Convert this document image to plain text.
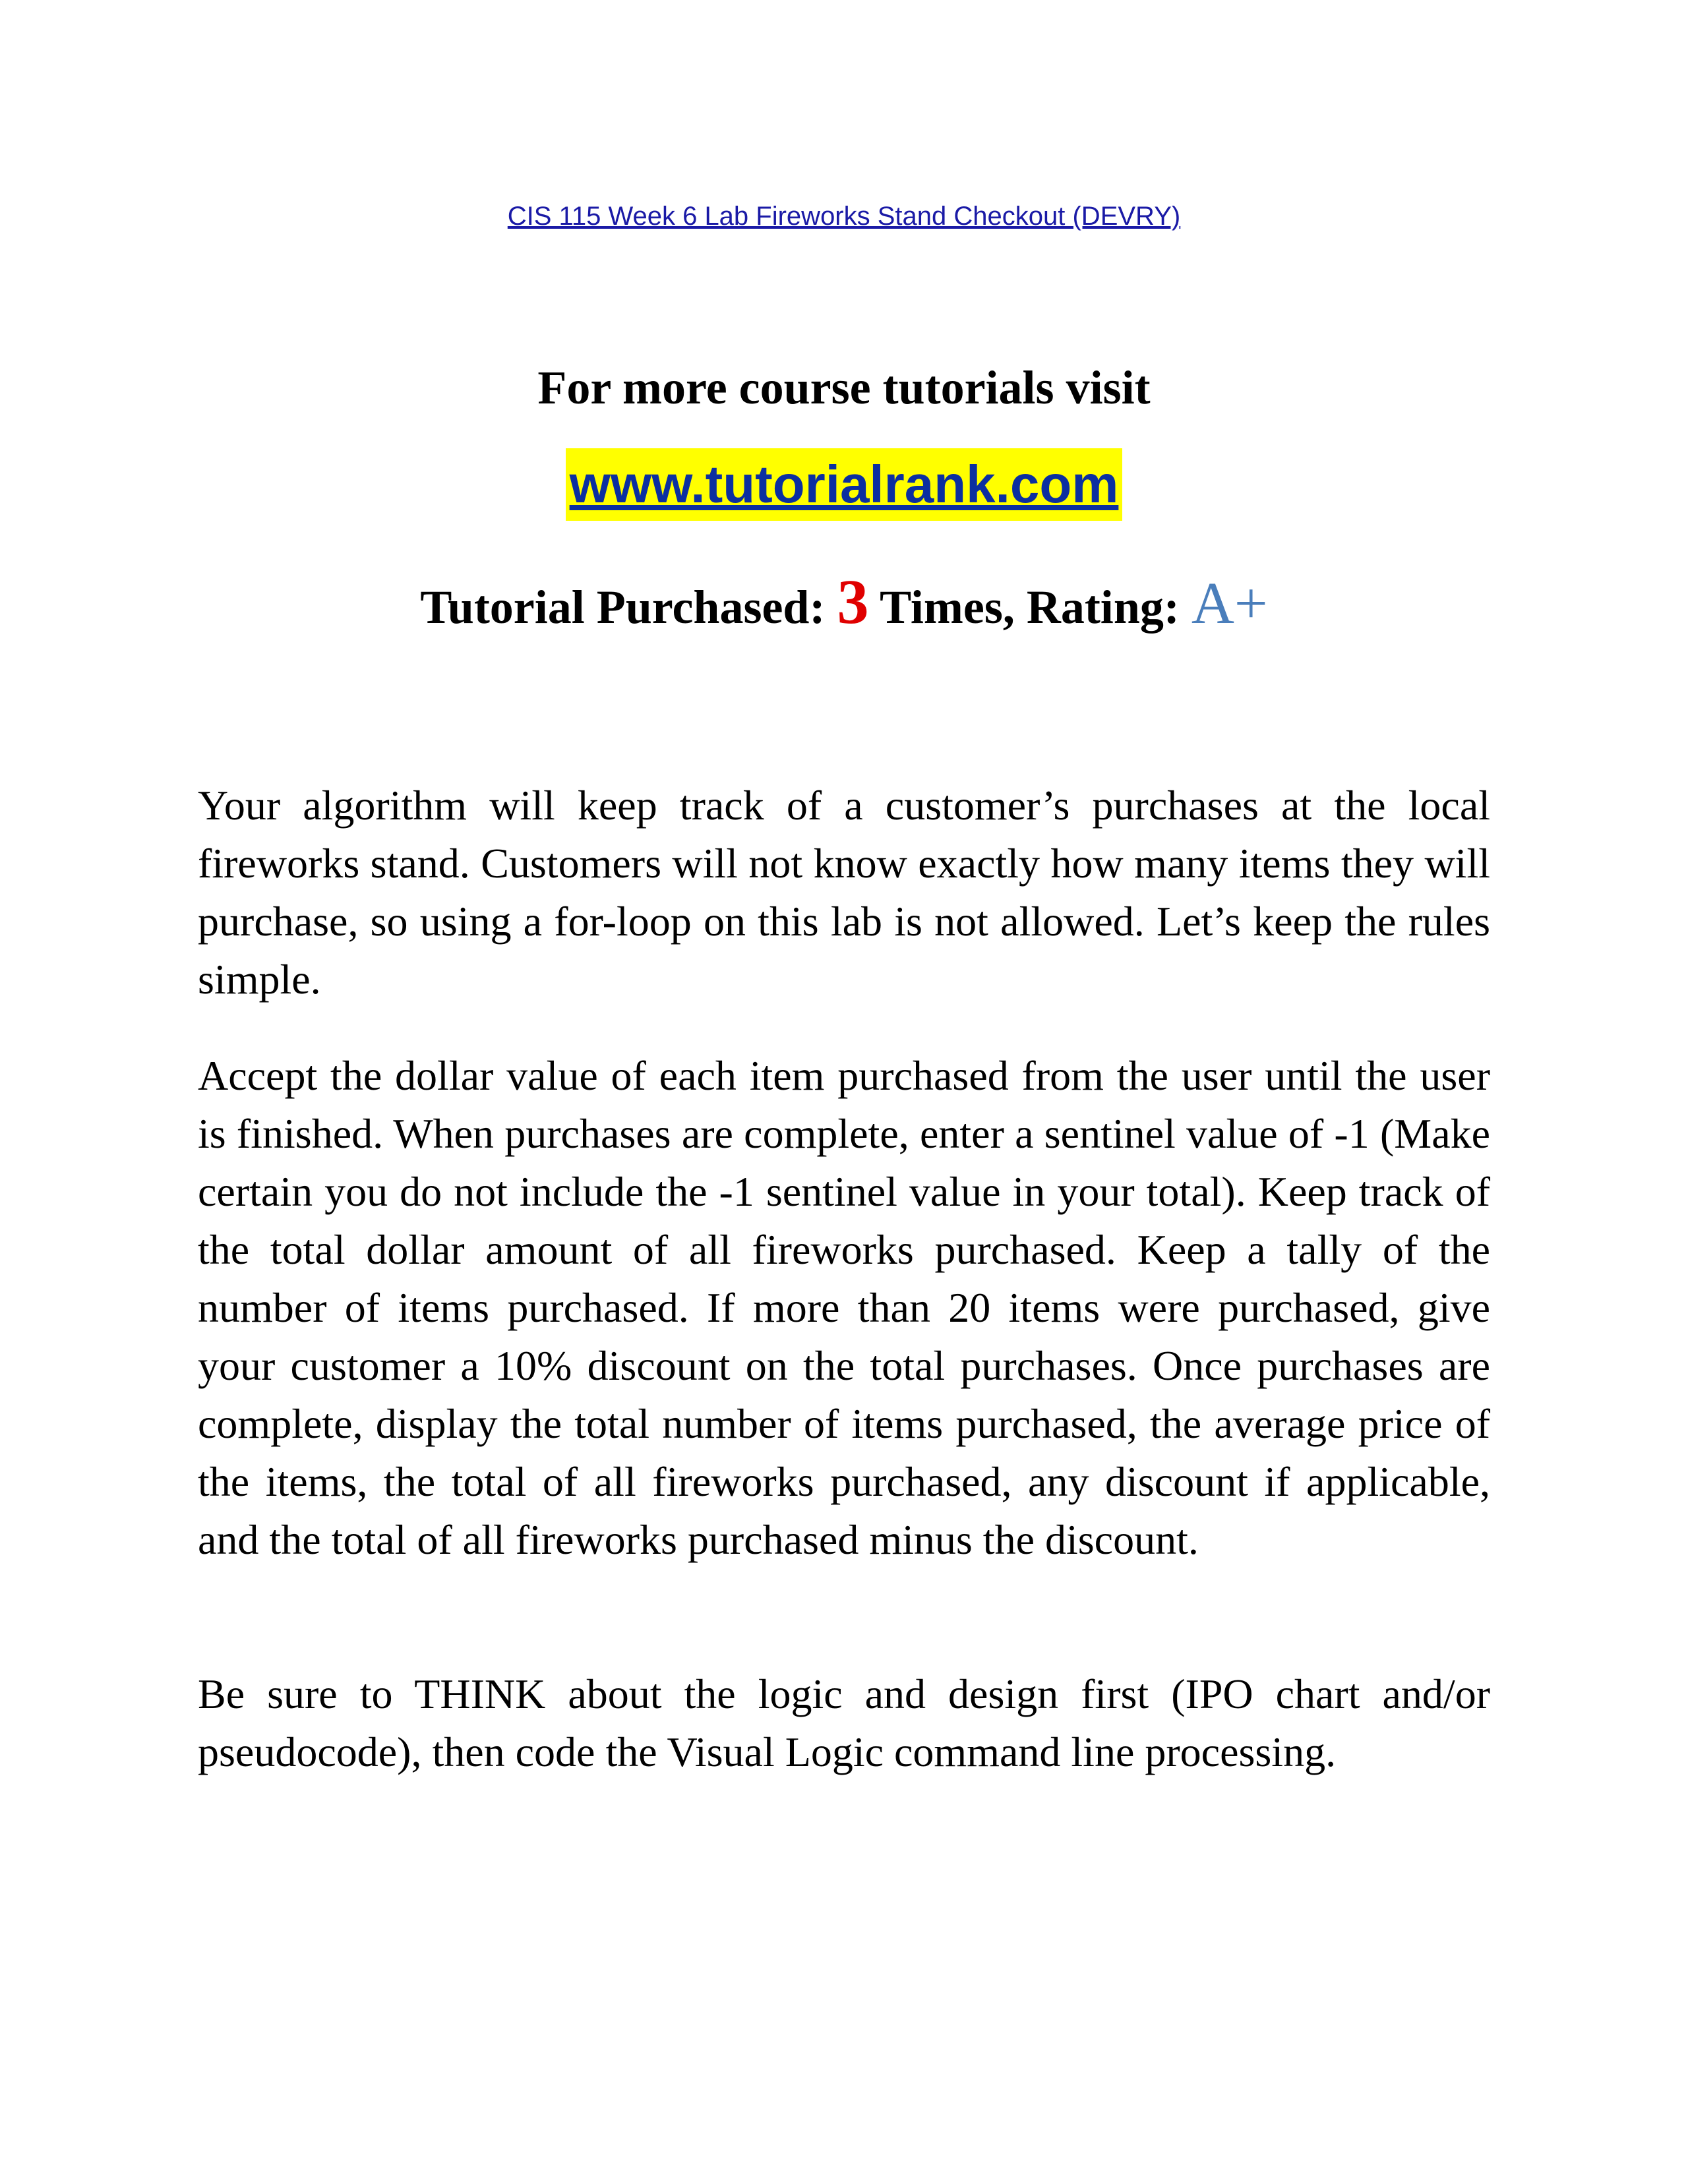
CIS 115 Week 6 Lab Fireworks Stand Checkout (DEVRY)
For more course tutorials visit
www.tutorialrank.com
Tutorial Purchased: 3 Times, Rating: A+

Your algorithm will keep track of a customer’s purchases at the local fireworks stand. Customers will not know exactly how many items they will purchase, so using a for-loop on this lab is not allowed. Let’s keep the rules simple.

Accept the dollar value of each item purchased from the user until the user is finished. When purchases are complete, enter a sentinel value of -1 (Make certain you do not include the -1 sentinel value in your total). Keep track of the total dollar amount of all fireworks purchased. Keep a tally of the number of items purchased. If more than 20 items were purchased, give your customer a 10% discount on the total purchases. Once purchases are complete, display the total number of items purchased, the average price of the items, the total of all fireworks purchased, any discount if applicable, and the total of all fireworks purchased minus the discount.

Be sure to THINK about the logic and design first (IPO chart and/or pseudocode), then code the Visual Logic command line processing.
